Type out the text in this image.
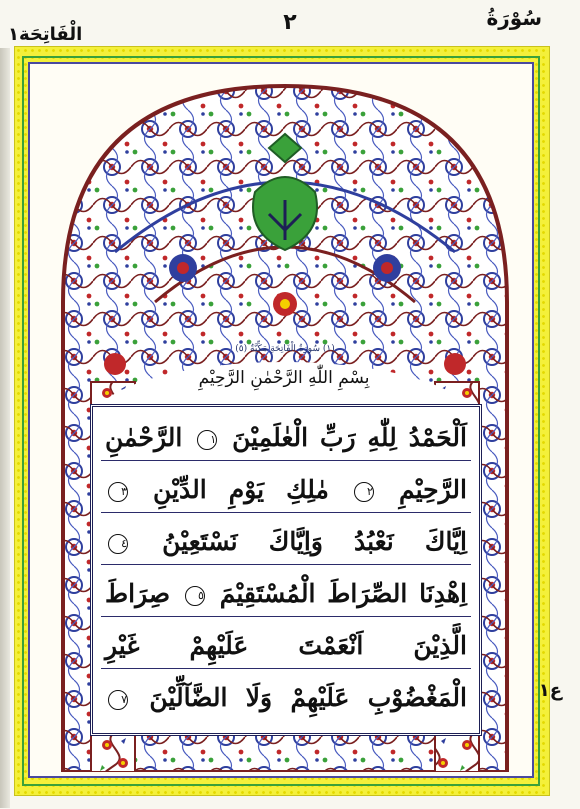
سُوْرَةُ
٢
الْفَاتِحَة١
(١) سُورَةُ الْفَاتِحَةِ مَكِّيَّةٌ (٥)
بِسْمِ اللّٰهِ الرَّحْمٰنِ الرَّحِيْمِ
اَلْحَمْدُ لِلّٰهِ رَبِّ الْعٰلَمِيْنَ ١ الرَّحْمٰنِ
الرَّحِيْمِ ٢ مٰلِكِ يَوْمِ الدِّيْنِ ٣
اِيَّاكَ نَعْبُدُ وَاِيَّاكَ نَسْتَعِيْنُ ٤
اِهْدِنَا الصِّرَاطَ الْمُسْتَقِيْمَ ٥ صِرَاطَ
الَّذِيْنَ اَنْعَمْتَ عَلَيْهِمْ غَيْرِ
الْمَغْضُوْبِ عَلَيْهِمْ وَلَا الضَّآلِّيْنَ ٧	ع١
